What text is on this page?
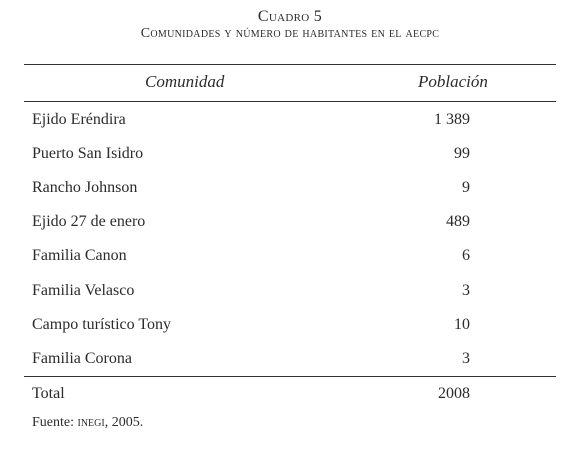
Cuadro 5
Comunidades y número de habitantes en el aecpc
Comunidad	Población
Ejido Eréndira	1 389
Puerto San Isidro	99
Rancho Johnson	9
Ejido 27 de enero	489
Familia Canon	6
Familia Velasco	3
Campo turístico Tony	10
Familia Corona	3
Total	2008
Fuente: inegi, 2005.
